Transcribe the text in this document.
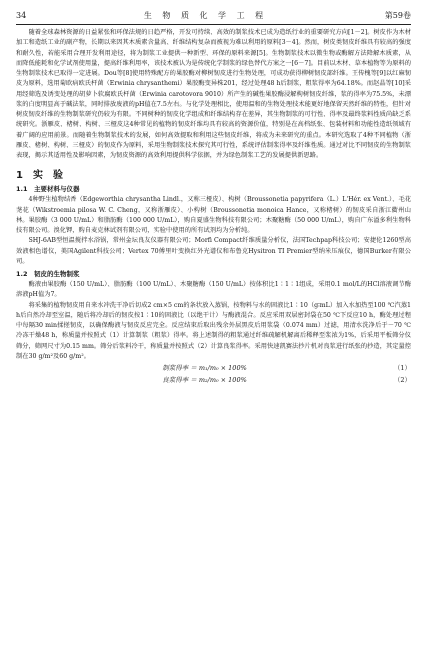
34	生 物 质 化 学 工 程	第59卷

随着全球森林资源的日益紧张和环保法规的日趋严格，开发可持续、高效的制浆技术已成为造纸行业的重要研究方向[1－2]。树皮作为木材加工和造纸工业的副产物，长期以来因其木质素含量高、纤维结构复杂而被视为难以利用的原料[3－4]。然而，树皮类韧皮纤维具有较高的强度和耐久性，若能采用合理开发利用途径，将为制浆工业提供一种新型、环保的原料来源[5]。生物制浆技术以微生物或酶解方法降解木质素，从而降低能耗和化学试剂使用量，提高纤维利用率，该技术被认为是传统化学制浆的绿色替代方案之一[6－7]。目前以木材、草本植物等为原料的生物制浆技术已取得一定进展。Dou等[8]使用特殊配方的果胶酶对柳树韧皮进行生物处理，可成功获得柳树韧皮部纤维。王传槐等[9]以红麻韧皮为原料，选用菊欧病欧氏杆菌（Erwinia chrysanthemi）果胶酶变异株201，经过处理48 h后制浆，粗浆得率为64.18%。而赵晶等[10]采用经筛选及诱变处理的胡萝卜软腐欧氏杆菌（Erwinia carotovora 9010）所产生的碱性果胶酶浸解枸树韧皮纤维，浆的得率为75.5%，未漂浆的白度明显高于碱法浆，同时排放废液的pH值在7.5左右。与化学处理相比，使用温和的生物处理技术能更好地保留天然纤维的特性，但针对树皮韧皮纤维的生物制浆研究仍较为有限。不同树种的韧皮化学组成和纤维结构存在差异，其生物制浆的可行性、得率及最终浆料性质尚缺乏系统研究。浙雁皮、楮树、构树、三桠皮这4种常见的植物的韧皮纤维均具有较高的资源价值，特别是在高档纸张、包装材料和功能性造纸领域有着广阔的应用前景。而随着生物制浆技术的发展，如何高效提取和利用这些韧皮纤维，将成为未来研究的重点。本研究选取了4种不同植物（浙雁皮、楮树、构树、三桠皮）的韧皮作为原料，采用生物制浆技术探究其可行性，系统评估制浆得率及纤维性质。通过对比不同韧皮的生物制浆表现，揭示其适用性及影响因素，为韧皮资源的高效利用提供科学依据，并为绿色制浆工艺的发展提供新思路。

1　实　验
1.1　主要材料与仪器

4种野生植物结香（Edgeworthia chrysantha Lindl.，又称三桠皮）、构树（Broussonetia papyrifera（L.）L'Hér. ex Vent.）、毛花荛花（Wikstroemia pilosa W. C. Cheng，又称浙雁皮）、小构树（Broussonetia monoica Hance，又称楮树）的韧皮采自浙江衢州山林。果胶酶（3 000 U/mL）和脂肪酶（100 000 U/mL），购自夏盛生物科技有限公司；木聚糖酶（50 000 U/mL），购自广东溢多利生物科技有限公司。溴化钾，购自麦克林试剂有限公司，实验中使用的所有试剂均为分析纯。

SHJ-6AB型恒温搅拌水浴锅，常州金坛良友仪器有限公司；Morfi Compact纤维质量分析仪，法国Techpap科技公司；安捷伦1260型高效液相色谱仪，美国Agilent科技公司；Vertex 70傅里叶变换红外光谱仪和布鲁克Hysitron TI Premier型纳米压痕仪，德国Burker有限公司。

1.2　韧皮的生物制浆

酶液由果胶酶（150 U/mL）、脂肪酶（100 U/mL）、木聚糖酶（150 U/mL）按体积比1∶1∶1组成，采用0.1 mol/L的HCl溶液调节酶溶液pH值为7。

将采集的植物韧皮用自来水冲洗干净后切成2 cm×5 cm的条状放入蒸锅，按物料与水的固液比1∶10（g∶mL）加入水加热至100 ℃汽蒸1 h后自然冷却至室温，随后将冷却后的韧皮按1∶10的固液比（以绝干计）与酶液混合。反应采用双层密封袋在50 ℃下反应10 h，酶处理过程中每隔30 min揉搓韧皮，以确保酶液与韧皮反应完全。反应结束后取出残余外层黑皮后用浆袋（0.074 mm）过滤，用清水洗净后于－70 ℃冷冻干燥48 h，称质量并按照式（1）计算制浆（粗浆）得率。将上述制得的粗浆通过纤维疏解机解离后稀释至浆浓为1%，后采用平板筛分仪筛分，筛网尺寸为0.15 mm。筛分后浆料冷干，称质量并按照式（2）计算良浆得率。采用快速凯赛法抄片机对良浆进行纸张的抄造，其定量控制在30 g/m²及60 g/m²。

制浆得率 ＝ m₁/m₀ × 100%	（1）
良浆得率 ＝ m₂/m₀ × 100%	（2）
